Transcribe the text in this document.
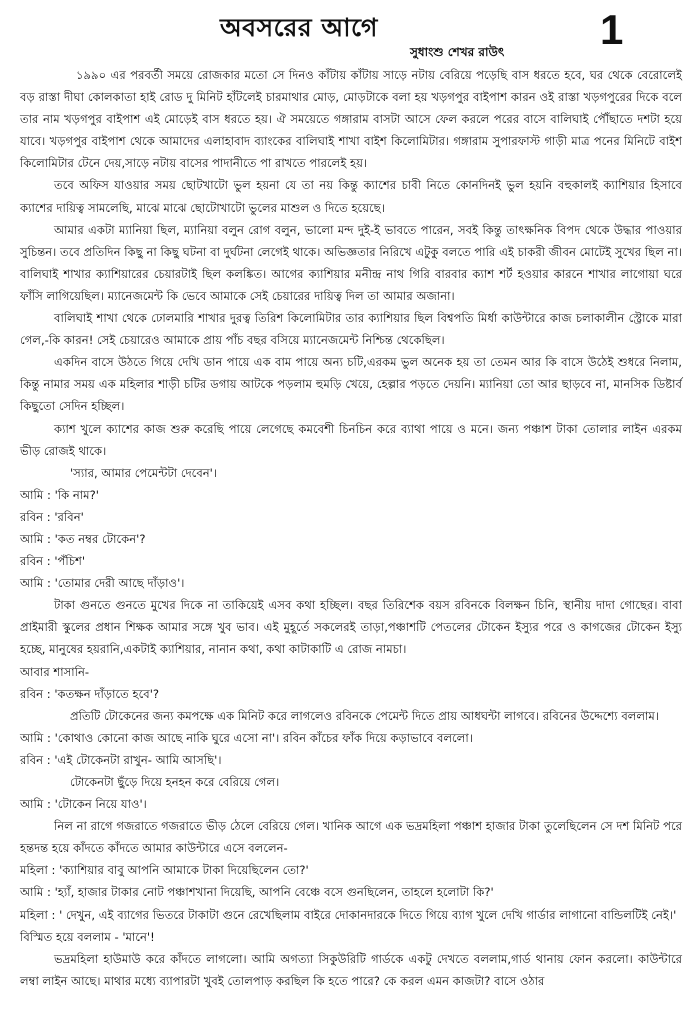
অবসরের আগে	1
সুধাংশু শেখর রাউৎ

১৯৯০ এর পরবর্তী সময়ে রোজকার মতো সে দিনও কাঁটায় কাঁটায় সাড়ে নটায় বেরিয়ে পড়েছি বাস ধরতে হবে, ঘর থেকে বেরোলেই বড় রাস্তা দীঘা কোলকাতা হাই রোড দু মিনিট হাঁটলেই চারমাথার মোড়, মোড়টাকে বলা হয় খড়গপুর বাইপাশ কারন ওই রাস্তা খড়গপুরের দিকে বলে তার নাম খড়গপুর বাইপাশ এই মোড়েই বাস ধরতে হয়। ঐ সময়েতে গঙ্গারাম বাসটা আসে ফেল করলে পরের বাসে বালিঘাই পৌঁছাতে দশটা হয়ে যাবে। খড়গপুর বাইপাশ থেকে আমাদের এলাহাবাদ ব্যাংকের বালিঘাই শাখা বাইশ কিলোমিটার। গঙ্গারাম সুপারফাস্ট গাড়ী মাত্র পনের মিনিটে বাইশ কিলোমিটার টেনে দেয়,সাড়ে নটায় বাসের পাদানীতে পা রাখতে পারলেই হয়।

তবে অফিস যাওয়ার সময় ছোটখাটো ভুল হয়না যে তা নয় কিন্তু ক্যাশের চাবী নিতে কোনদিনই ভুল হয়নি বহুকালই ক্যাশিয়ার হিসাবে ক্যাশের দায়িত্ব সামলেছি, মাঝে মাঝে ছোটোখাটো ভুলের মাশুল ও দিতে হয়েছে।

আমার একটা ম্যানিয়া ছিল, ম্যানিয়া বলুন রোগ বলুন, ভালো মন্দ দুই-ই ভাবতে পারেন, সবই কিন্তু তাৎক্ষনিক বিপদ থেকে উদ্ধার পাওয়ার সুচিন্তন। তবে প্রতিদিন কিছু না কিছু ঘটনা বা দুর্ঘটনা লেগেই থাকে। অভিজ্ঞতার নিরিখে এটুকু বলতে পারি এই চাকরী জীবন মোটেই সুখের ছিল না। বালিঘাই শাখার ক্যাশিয়ারের চেয়ারটাই ছিল কলঙ্কিত। আগের ক্যাশিয়ার মনীন্দ্র নাথ গিরি বারবার ক্যাশ শর্ট হওয়ার কারনে শাখার লাগোয়া ঘরে ফাঁসি লাগিয়েছিল। ম্যানেজমেন্ট কি ভেবে আমাকে সেই চেয়ারের দায়িত্ব দিল তা আমার অজানা।

বালিঘাই শাখা থেকে ঢোলমারি শাখার দুরত্ব তিরিশ কিলোমিটার তার ক্যাশিয়ার ছিল বিশ্বপতি মির্ধা কাউন্টারে কাজ চলাকালীন স্ট্রোকে মারা গেল,-কি কারন! সেই চেয়ারেও আমাকে প্রায় পাঁচ বছর বসিয়ে ম্যানেজমেন্ট নিশ্চিন্ত থেকেছিল।

একদিন বাসে উঠতে গিয়ে দেখি ডান পায়ে এক বাম পায়ে অন্য চটি,এরকম ভুল অনেক হয় তা তেমন আর কি বাসে উঠেই শুধরে নিলাম, কিন্তু নামার সময় এক মহিলার শাড়ী চটির ডগায় আটকে পড়লাম হুমড়ি খেয়ে, হেল্পার পড়তে দেয়নি। ম্যানিয়া তো আর ছাড়বে না, মানসিক ডিষ্টার্ব কিছুতো সেদিন হচ্ছিল।

ক্যাশ খুলে ক্যাশের কাজ শুরু করেছি পায়ে লেগেছে কমবেশী চিনচিন করে ব্যাথা পায়ে ও মনে। জন্য পঞ্চাশ টাকা তোলার লাইন এরকম ভীড় রোজই থাকে।

'স্যার, আমার পেমেন্টটা দেবেন'।

আমি : 'কি নাম?'

রবিন : 'রবিন'

আমি : 'কত নম্বর টোকেন'?

রবিন : 'পঁচিশ'

আমি : 'তোমার দেরী আছে দাঁড়াও'।

টাকা গুনতে গুনতে মুখের দিকে না তাকিয়েই এসব কথা হচ্ছিল। বছর তিরিশেক বয়স রবিনকে বিলক্ষন চিনি, স্থানীয় দাদা গোছের। বাবা প্রাইমারী স্কুলের প্রধান শিক্ষক আমার সঙ্গে খুব ভাব। এই মুহূর্তে সকলেরই তাড়া,পঞ্চাশটি পেতলের টোকেন ইস্যুর পরে ও কাগজের টোকেন ইস্যু হচ্ছে, মানুষের হয়রানি,একটাই ক্যাশিয়ার, নানান কথা, কথা কাটাকাটি এ রোজ নামচা।

আবার শাসানি-

রবিন : 'কতক্ষন দাঁড়াতে হবে'?

প্রতিটি টোকেনের জন্য কমপক্ষে এক মিনিট করে লাগলেও রবিনকে পেমেন্ট দিতে প্রায় আধঘন্টা লাগবে। রবিনের উদ্দেশ্যে বললাম।

আমি : 'কোথাও কোনো কাজ আছে নাকি ঘুরে এসো না'। রবিন কাঁচের ফাঁক দিয়ে কড়াভাবে বললো।

রবিন : 'এই টোকেনটা রাখুন- আমি আসছি'।

টোকেনটা ছুঁড়ে দিয়ে হনহন করে বেরিয়ে গেল।

আমি : 'টোকেন নিয়ে যাও'।

নিল না রাগে গজরাতে গজরাতে ভীড় ঠেলে বেরিয়ে গেল। খানিক আগে এক ভদ্রমহিলা পঞ্চাশ হাজার টাকা তুলেছিলেন সে দশ মিনিট পরে হন্তদন্ত হয়ে কাঁদতে কাঁদতে আমার কাউন্টারে এসে বললেন-

মহিলা : 'ক্যাশিয়ার বাবু আপনি আমাকে টাকা দিয়েছিলেন তো?'

আমি : 'হ্যাঁ, হাজার টাকার নোট পঞ্চাশখানা দিয়েছি, আপনি বেঞ্চে বসে গুনছিলেন, তাহলে হলোটা কি?'

মহিলা : ' দেখুন, এই ব্যাগের ভিতরে টাকাটা গুনে রেখেছিলাম বাইরে দোকানদারকে দিতে গিয়ে ব্যাগ খুলে দেখি গার্ডার লাগানো বান্ডিলটিই নেই।'

বিস্মিত হয়ে বললাম - 'মানে'!

ভদ্রমহিলা হাউমাউ করে কাঁদতে লাগলো। আমি অগত্যা সিকুউরিটি গার্ডকে একটু দেখতে বললাম,গার্ড থানায় ফোন করলো। কাউন্টারে লম্বা লাইন আছে। মাথার মধ্যে ব্যাপারটা খুবই তোলপাড় করছিল কি হতে পারে? কে করল এমন কাজটা? বাসে ওঠার
